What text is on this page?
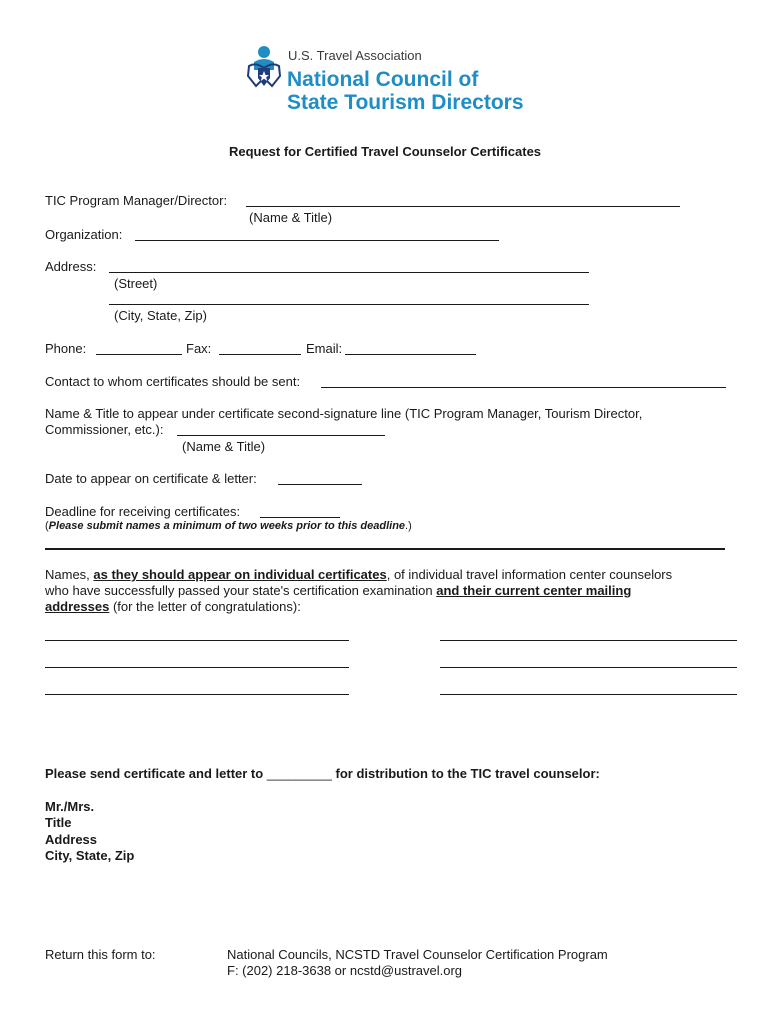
U.S. Travel Association
National Council of
State Tourism Directors
Request for Certified Travel Counselor Certificates
TIC Program Manager/Director:
(Name & Title)
Organization:
Address:
(Street)
(City, State, Zip)
Phone:	Fax:	Email:
Contact to whom certificates should be sent:
Name & Title to appear under certificate second-signature line (TIC Program Manager, Tourism Director,
Commissioner, etc.):
(Name & Title)
Date to appear on certificate & letter:
Deadline for receiving certificates:
(Please submit names a minimum of two weeks prior to this deadline.)
Names, as they should appear on individual certificates, of individual travel information center counselors
who have successfully passed your state's certification examination and their current center mailing
addresses (for the letter of congratulations):
Please send certificate and letter to _________ for distribution to the TIC travel counselor:
Mr./Mrs.
Title
Address
City, State, Zip
Return this form to:	National Councils, NCSTD Travel Counselor Certification Program
F: (202) 218-3638 or ncstd@ustravel.org
